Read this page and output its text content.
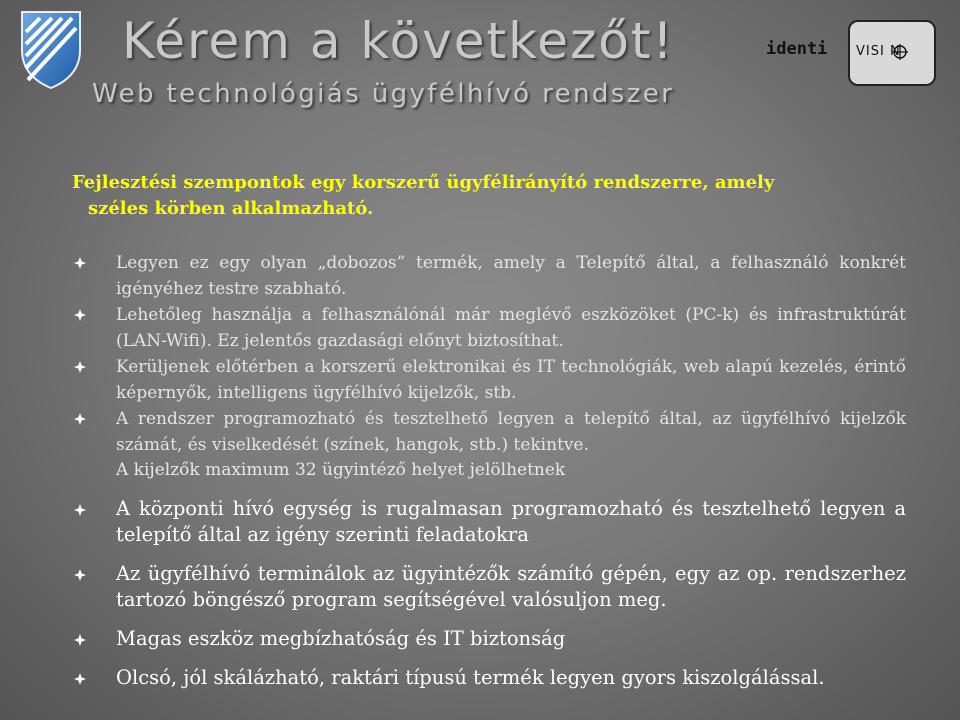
Kérem a következőt!
Web technológiás ügyfélhívó rendszer
identi VISI N

Fejlesztési szempontok egy korszerű ügyfélirányító rendszerre, amely
széles körben alkalmazható.

Legyen ez egy olyan „dobozos” termék, amely a Telepítő által, a felhasználó konkrét igényéhez testre szabható.
Lehetőleg használja a felhasználónál már meglévő eszközöket (PC-k) és infrastruktúrát (LAN-Wifi). Ez jelentős gazdasági előnyt biztosíthat.
Kerüljenek előtérben a korszerű elektronikai és IT technológiák, web alapú kezelés, érintő képernyők, intelligens ügyfélhívó kijelzők, stb.
A rendszer programozható és tesztelhető legyen a telepítő által, az ügyfélhívó kijelzők számát, és viselkedését (színek, hangok, stb.) tekintve.
A kijelzők maximum 32 ügyintéző helyet jelölhetnek
A központi hívó egység is rugalmasan programozható és tesztelhető legyen a telepítő által az igény szerinti feladatokra
Az ügyfélhívó terminálok az ügyintézők számító gépén, egy az op. rendszerhez tartozó böngésző program segítségével valósuljon meg.
Magas eszköz megbízhatóság és IT biztonság
Olcsó, jól skálázható, raktári típusú termék legyen gyors kiszolgálással.
